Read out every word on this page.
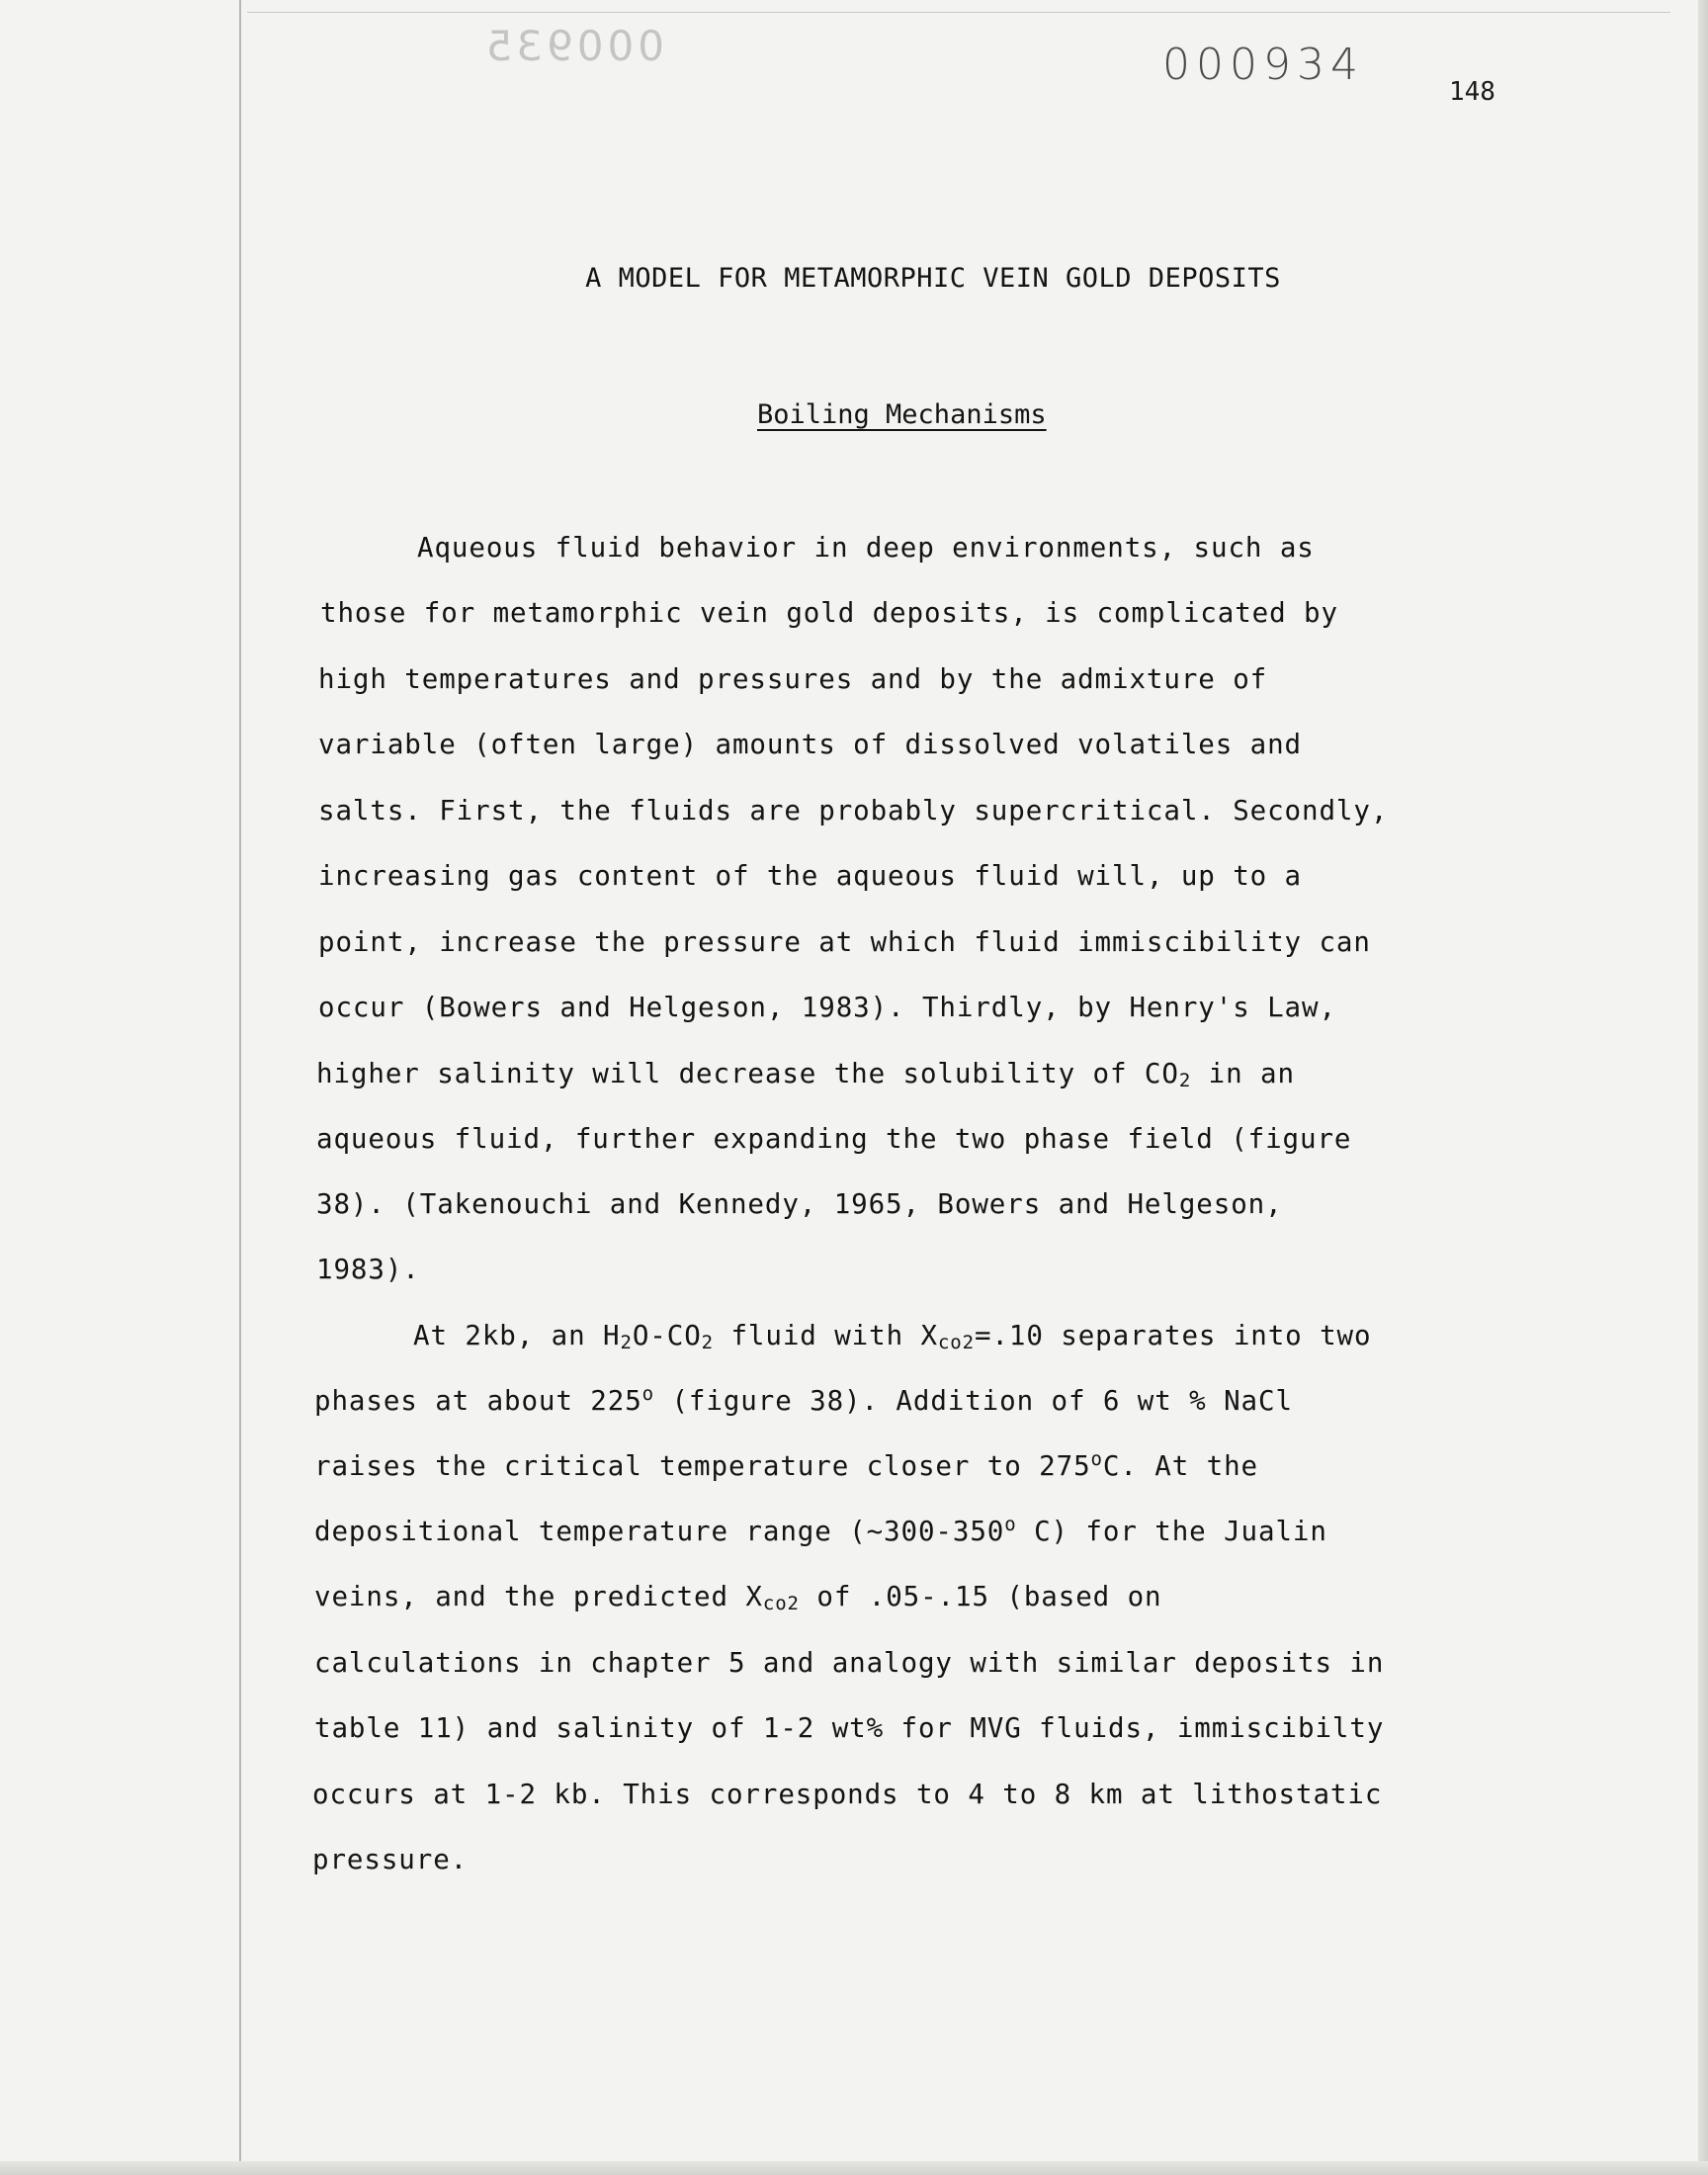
000935	000934
148
A MODEL FOR METAMORPHIC VEIN GOLD DEPOSITS
Boiling Mechanisms
Aqueous fluid behavior in deep environments, such as
those for metamorphic vein gold deposits, is complicated by
high temperatures and pressures and by the admixture of
variable (often large) amounts of dissolved volatiles and
salts. First, the fluids are probably supercritical. Secondly,
increasing gas content of the aqueous fluid will, up to a
point, increase the pressure at which fluid immiscibility can
occur (Bowers and Helgeson, 1983). Thirdly, by Henry's Law,
higher salinity will decrease the solubility of $CO_2$ in an
aqueous fluid, further expanding the two phase field (figure
38). (Takenouchi and Kennedy, 1965, Bowers and Helgeson,
1983).
At 2kb, an $H_2O-CO_2$ fluid with $X_{co2}=.10$ separates into two
phases at about 225$^o$ (figure 38). Addition of 6 wt % NaCl
raises the critical temperature closer to 275$^o$C. At the
depositional temperature range (~300-350$^o$ C) for the Jualin
veins, and the predicted $X_{co2}$ of .05-.15 (based on
calculations in chapter 5 and analogy with similar deposits in
table 11) and salinity of 1-2 wt% for MVG fluids, immiscibilty
occurs at 1-2 kb. This corresponds to 4 to 8 km at lithostatic
pressure.
